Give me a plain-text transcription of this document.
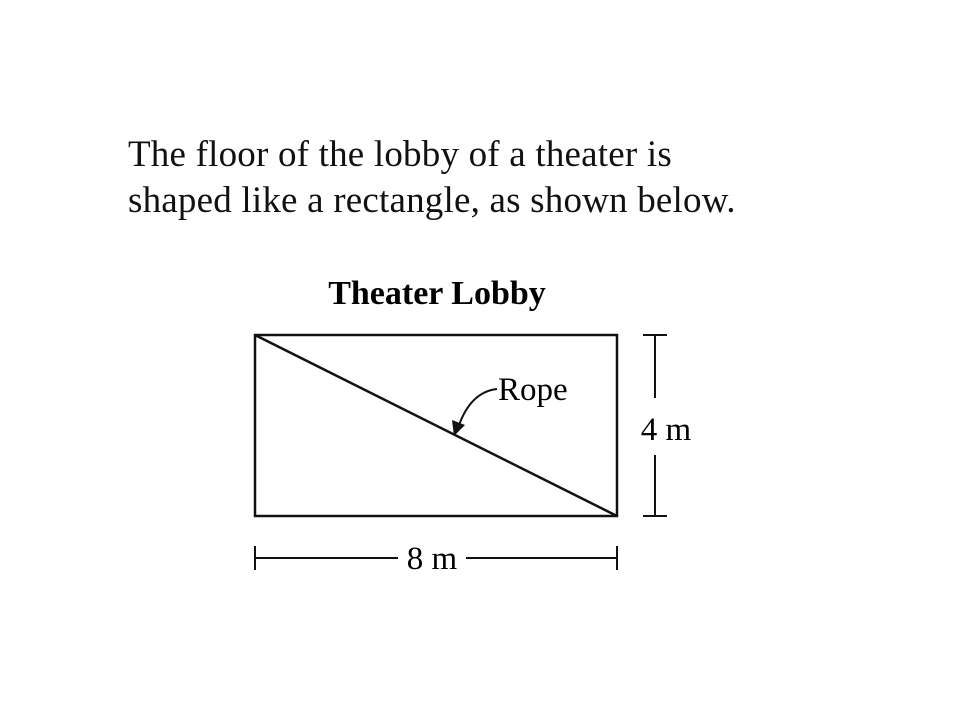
The floor of the lobby of a theater is
shaped like a rectangle, as shown below.
Theater Lobby
Rope
4 m
8 m
